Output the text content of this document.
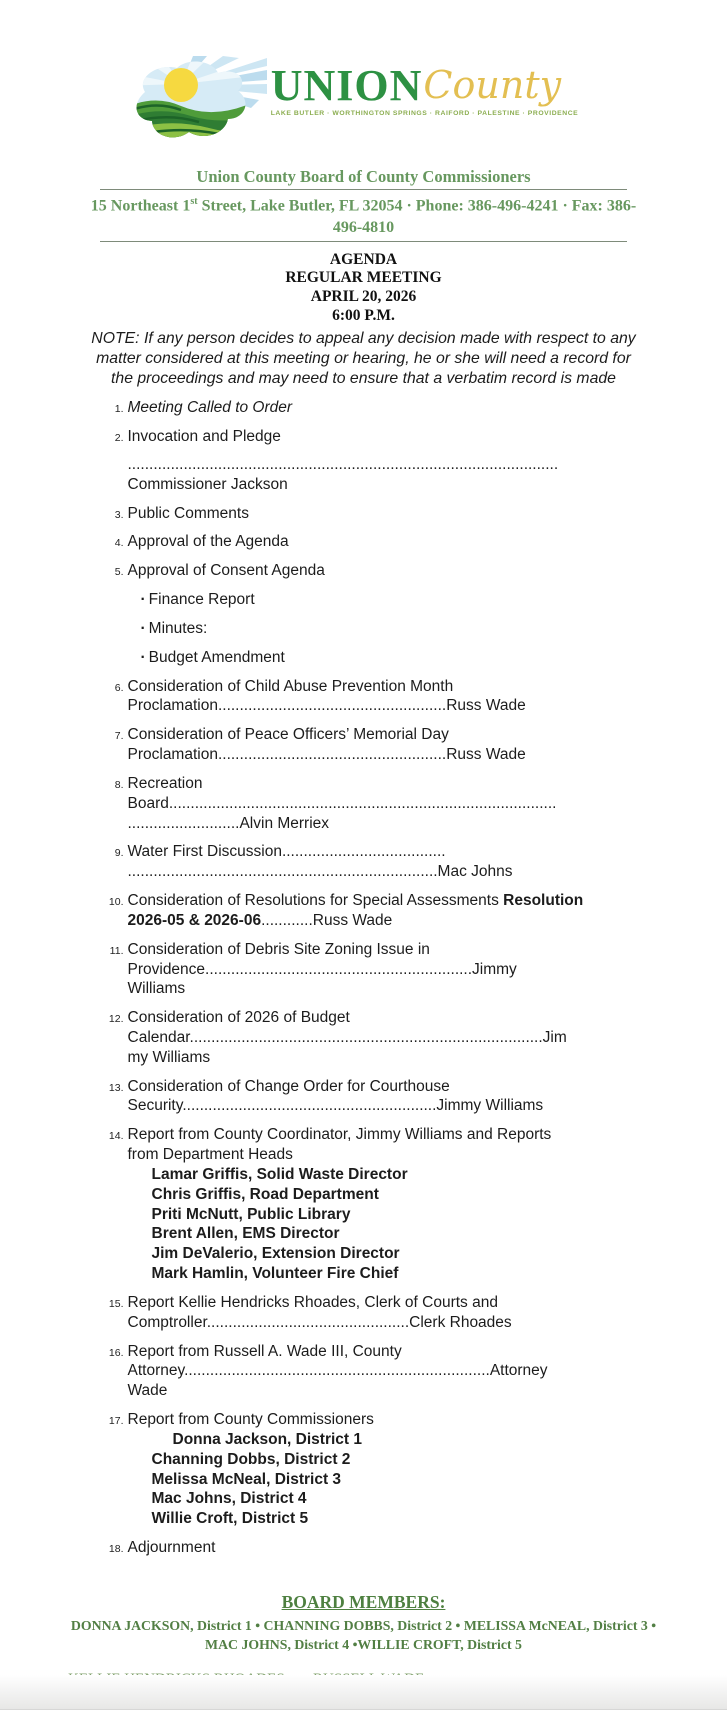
UNION County
LAKE BUTLER · WORTHINGTON SPRINGS · RAIFORD · PALESTINE · PROVIDENCE
Union County Board of County Commissioners
15 Northeast 1st Street, Lake Butler, FL 32054 · Phone: 386-496-4241 · Fax: 386-
496-4810
AGENDA
REGULAR MEETING
APRIL 20, 2026
6:00 P.M.
NOTE: If any person decides to appeal any decision made with respect to any matter considered at this meeting or hearing, he or she will need a record for the proceedings and may need to ensure that a verbatim record is made
1. Meeting Called to Order
2. Invocation and Pledge
....................................................................................................
Commissioner Jackson
3. Public Comments
4. Approval of the Agenda
5. Approval of Consent Agenda
· Finance Report
· Minutes:
· Budget Amendment
6. Consideration of Child Abuse Prevention Month
Proclamation.....................................................Russ Wade
7. Consideration of Peace Officers’ Memorial Day
Proclamation.....................................................Russ Wade
8. Recreation
Board..........................................................................................
..........................Alvin Merriex
9. Water First Discussion......................................
........................................................................Mac Johns
10. Consideration of Resolutions for Special Assessments Resolution
2026-05 & 2026-06............Russ Wade
11. Consideration of Debris Site Zoning Issue in
Providence..............................................................Jimmy
Williams
12. Consideration of 2026 of Budget
Calendar..................................................................................Jim
my Williams
13. Consideration of Change Order for Courthouse
Security...........................................................Jimmy Williams
14. Report from County Coordinator, Jimmy Williams and Reports
from Department Heads
Lamar Griffis, Solid Waste Director
Chris Griffis, Road Department
Priti McNutt, Public Library
Brent Allen, EMS Director
Jim DeValerio, Extension Director
Mark Hamlin, Volunteer Fire Chief
15. Report Kellie Hendricks Rhoades, Clerk of Courts and
Comptroller...............................................Clerk Rhoades
16. Report from Russell A. Wade III, County
Attorney.......................................................................Attorney
Wade
17. Report from County Commissioners
Donna Jackson, District 1
Channing Dobbs, District 2
Melissa McNeal, District 3
Mac Johns, District 4
Willie Croft, District 5
18. Adjournment
BOARD MEMBERS:
DONNA JACKSON, District 1 • CHANNING DOBBS, District 2 • MELISSA McNEAL, District 3 • MAC JOHNS, District 4 •WILLIE CROFT, District 5
